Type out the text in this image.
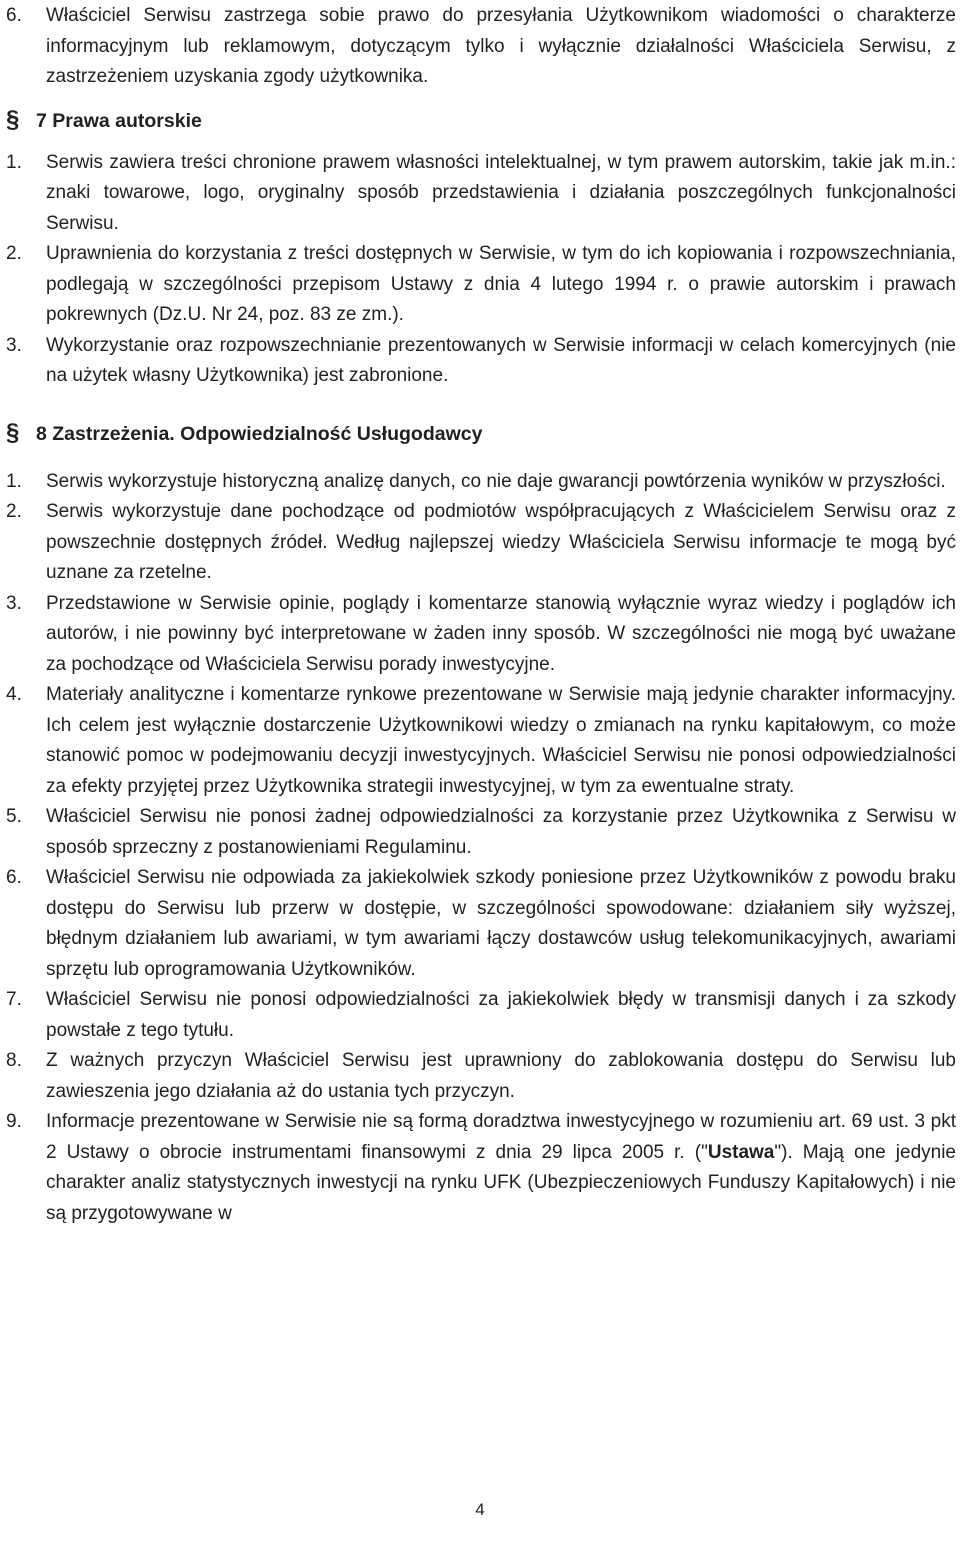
6.	Właściciel Serwisu zastrzega sobie prawo do przesyłania Użytkownikom wiadomości o charakterze informacyjnym lub reklamowym, dotyczącym tylko i wyłącznie działalności Właściciela Serwisu, z zastrzeżeniem uzyskania zgody użytkownika.
§ 7 Prawa autorskie
1.	Serwis zawiera treści chronione prawem własności intelektualnej, w tym prawem autorskim, takie jak m.in.: znaki towarowe, logo, oryginalny sposób przedstawienia i działania poszczególnych funkcjonalności Serwisu.
2.	Uprawnienia do korzystania z treści dostępnych w Serwisie, w tym do ich kopiowania i rozpowszechniania, podlegają w szczególności przepisom Ustawy z dnia 4 lutego 1994 r. o prawie autorskim i prawach pokrewnych (Dz.U. Nr 24, poz. 83 ze zm.).
3.	Wykorzystanie oraz rozpowszechnianie prezentowanych w Serwisie informacji w celach komercyjnych (nie na użytek własny Użytkownika) jest zabronione.
§ 8 Zastrzeżenia. Odpowiedzialność Usługodawcy
1.	Serwis wykorzystuje historyczną analizę danych, co nie daje gwarancji powtórzenia wyników w przyszłości.
2.	Serwis wykorzystuje dane pochodzące od podmiotów współpracujących z Właścicielem Serwisu oraz z powszechnie dostępnych źródeł. Według najlepszej wiedzy Właściciela Serwisu informacje te mogą być uznane za rzetelne.
3.	Przedstawione w Serwisie opinie, poglądy i komentarze stanowią wyłącznie wyraz wiedzy i poglądów ich autorów, i nie powinny być interpretowane w żaden inny sposób. W szczególności nie mogą być uważane za pochodzące od Właściciela Serwisu porady inwestycyjne.
4.	Materiały analityczne i komentarze rynkowe prezentowane w Serwisie mają jedynie charakter informacyjny. Ich celem jest wyłącznie dostarczenie Użytkownikowi wiedzy o zmianach na rynku kapitałowym, co może stanowić pomoc w podejmowaniu decyzji inwestycyjnych. Właściciel Serwisu nie ponosi odpowiedzialności za efekty przyjętej przez Użytkownika strategii inwestycyjnej, w tym za ewentualne straty.
5.	Właściciel Serwisu nie ponosi żadnej odpowiedzialności za korzystanie przez Użytkownika z Serwisu w sposób sprzeczny z postanowieniami Regulaminu.
6.	Właściciel Serwisu nie odpowiada za jakiekolwiek szkody poniesione przez Użytkowników z powodu braku dostępu do Serwisu lub przerw w dostępie, w szczególności spowodowane: działaniem siły wyższej, błędnym działaniem lub awariami, w tym awariami łączy dostawców usług telekomunikacyjnych, awariami sprzętu lub oprogramowania Użytkowników.
7.	Właściciel Serwisu nie ponosi odpowiedzialności za jakiekolwiek błędy w transmisji danych i za szkody powstałe z tego tytułu.
8.	Z ważnych przyczyn Właściciel Serwisu jest uprawniony do zablokowania dostępu do Serwisu lub zawieszenia jego działania aż do ustania tych przyczyn.
9.	Informacje prezentowane w Serwisie nie są formą doradztwa inwestycyjnego w rozumieniu art. 69 ust. 3 pkt 2 Ustawy o obrocie instrumentami finansowymi z dnia 29 lipca 2005 r. ("Ustawa"). Mają one jedynie charakter analiz statystycznych inwestycji na rynku UFK (Ubezpieczeniowych Funduszy Kapitałowych) i nie są przygotowywane w
4
